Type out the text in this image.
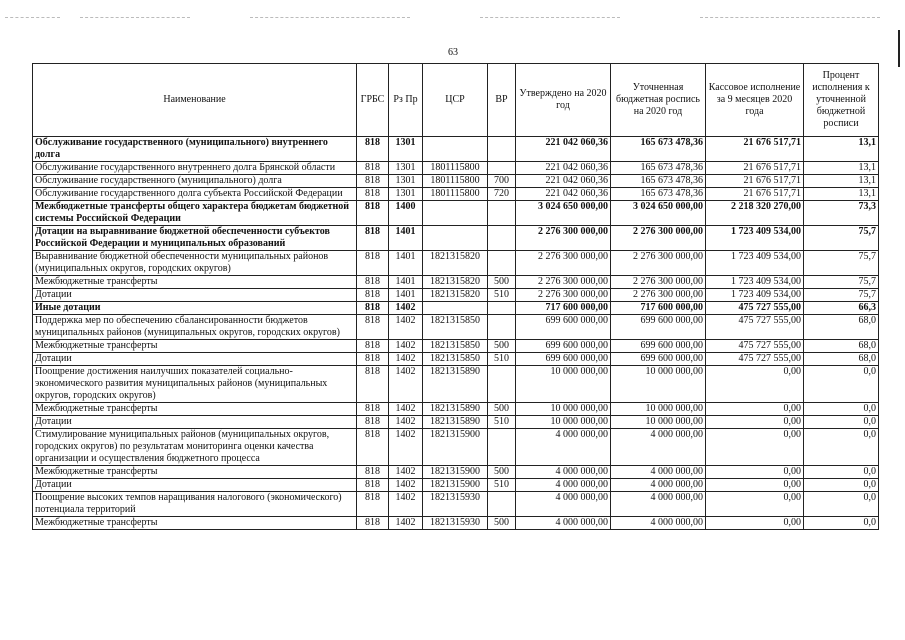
63
Наименование	ГРБС	Рз Пр	ЦСР	ВР	Утверждено на 2020 год	Уточненная бюджетная роспись на 2020 год	Кассовое исполнение за 9 месяцев 2020 года	Процент исполнения к уточненной бюджетной росписи
Обслуживание государственного (муниципального) внутреннего долга	818	1301			221 042 060,36	165 673 478,36	21 676 517,71	13,1
Обслуживание государственного внутреннего долга Брянской области	818	1301	1801115800		221 042 060,36	165 673 478,36	21 676 517,71	13,1
Обслуживание государственного (муниципального) долга	818	1301	1801115800	700	221 042 060,36	165 673 478,36	21 676 517,71	13,1
Обслуживание государственного долга субъекта Российской Федерации	818	1301	1801115800	720	221 042 060,36	165 673 478,36	21 676 517,71	13,1
Межбюджетные трансферты общего характера бюджетам бюджетной системы Российской Федерации	818	1400			3 024 650 000,00	3 024 650 000,00	2 218 320 270,00	73,3
Дотации на выравнивание бюджетной обеспеченности субъектов Российской Федерации и муниципальных образований	818	1401			2 276 300 000,00	2 276 300 000,00	1 723 409 534,00	75,7
Выравнивание бюджетной обеспеченности муниципальных районов (муниципальных округов, городских округов)	818	1401	1821315820		2 276 300 000,00	2 276 300 000,00	1 723 409 534,00	75,7
Межбюджетные трансферты	818	1401	1821315820	500	2 276 300 000,00	2 276 300 000,00	1 723 409 534,00	75,7
Дотации	818	1401	1821315820	510	2 276 300 000,00	2 276 300 000,00	1 723 409 534,00	75,7
Иные дотации	818	1402			717 600 000,00	717 600 000,00	475 727 555,00	66,3
Поддержка мер по обеспечению сбалансированности бюджетов муниципальных районов (муниципальных округов, городских округов)	818	1402	1821315850		699 600 000,00	699 600 000,00	475 727 555,00	68,0
Межбюджетные трансферты	818	1402	1821315850	500	699 600 000,00	699 600 000,00	475 727 555,00	68,0
Дотации	818	1402	1821315850	510	699 600 000,00	699 600 000,00	475 727 555,00	68,0
Поощрение достижения наилучших показателей социально-экономического развития муниципальных районов (муниципальных округов, городских округов)	818	1402	1821315890		10 000 000,00	10 000 000,00	0,00	0,0
Межбюджетные трансферты	818	1402	1821315890	500	10 000 000,00	10 000 000,00	0,00	0,0
Дотации	818	1402	1821315890	510	10 000 000,00	10 000 000,00	0,00	0,0
Стимулирование муниципальных районов (муниципальных округов, городских округов) по результатам мониторинга оценки качества организации и осуществления бюджетного процесса	818	1402	1821315900		4 000 000,00	4 000 000,00	0,00	0,0
Межбюджетные трансферты	818	1402	1821315900	500	4 000 000,00	4 000 000,00	0,00	0,0
Дотации	818	1402	1821315900	510	4 000 000,00	4 000 000,00	0,00	0,0
Поощрение высоких темпов наращивания налогового (экономического) потенциала территорий	818	1402	1821315930		4 000 000,00	4 000 000,00	0,00	0,0
Межбюджетные трансферты	818	1402	1821315930	500	4 000 000,00	4 000 000,00	0,00	0,0
